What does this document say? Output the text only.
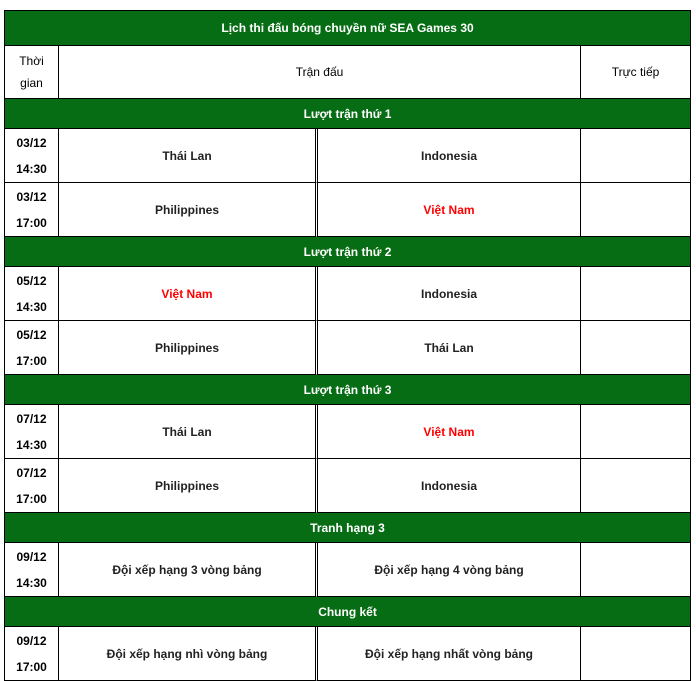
Lịch thi đấu bóng chuyền nữ SEA Games 30			

Thời
gian	Trận đấu		Trực tiếp
Lượt trận thứ 1			

03/12
14:30	Thái Lan	Indonesia	

03/12
17:00	Philippines	Việt Nam	
Lượt trận thứ 2			

05/12
14:30	Việt Nam	Indonesia	

05/12
17:00	Philippines	Thái Lan	
Lượt trận thứ 3			

07/12
14:30	Thái Lan	Việt Nam	

07/12
17:00	Philippines	Indonesia	
Tranh hạng 3			

09/12
14:30	Đội xếp hạng 3 vòng bảng	Đội xếp hạng 4 vòng bảng	
Chung kết			

09/12
17:00	Đội xếp hạng nhì vòng bảng	Đội xếp hạng nhất vòng bảng	
